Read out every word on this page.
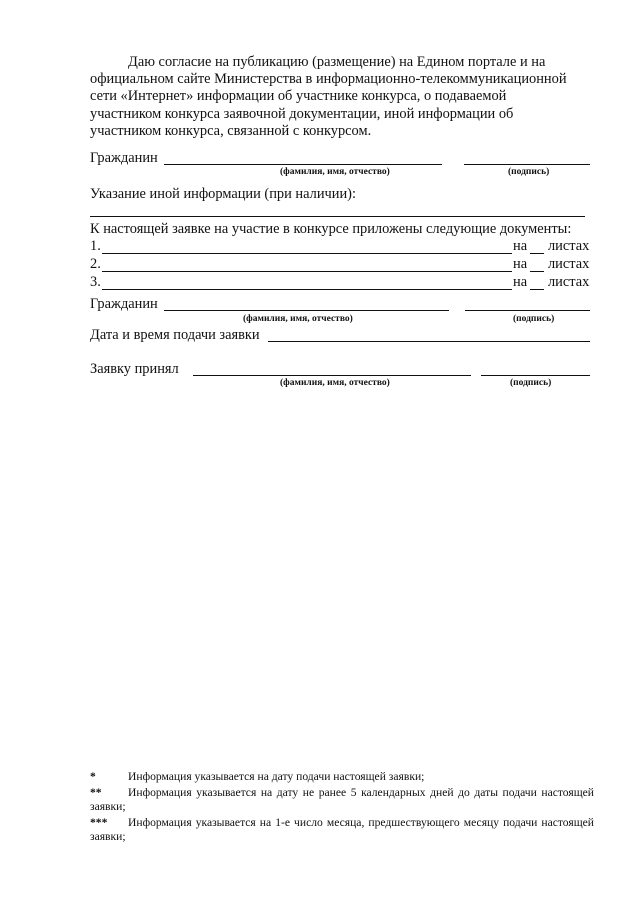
Даю согласие на публикацию (размещение) на Едином портале и на
официальном сайте Министерства в информационно-телекоммуникационной
сети «Интернет» информации об участнике конкурса, о подаваемой
участником конкурса заявочной документации, иной информации об
участником конкурса, связанной с конкурсом.
Гражданин
(фамилия, имя, отчество)	(подпись)
Указание иной информации (при наличии):
К настоящей заявке на участие в конкурсе приложены следующие документы:
1.	на листах
2.	на листах
3.	на листах
Гражданин
(фамилия, имя, отчество)	(подпись)
Дата и время подачи заявки
Заявку принял
(фамилия, имя, отчество)	(подпись)
*	Информация указывается на дату подачи настоящей заявки;
** Информация указывается на дату не ранее 5 календарных дней до даты подачи настоящей заявки;
*** Информация указывается на 1-е число месяца, предшествующего месяцу подачи настоящей заявки;
